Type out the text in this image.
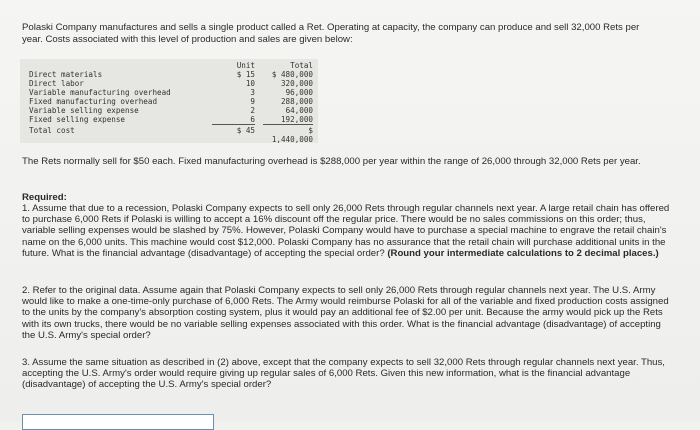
Polaski Company manufactures and sells a single product called a Ret. Operating at capacity, the company can produce and sell 32,000 Rets per year. Costs associated with this level of production and sales are given below:
Unit	Total
Direct materials	$ 15	$ 480,000
Direct labor	10	320,000
Variable manufacturing overhead	3	96,000
Fixed manufacturing overhead	9	288,000
Variable selling expense	2	64,000
Fixed selling expense	6	192,000
Total cost	$ 45	$ 1,440,000
The Rets normally sell for $50 each. Fixed manufacturing overhead is $288,000 per year within the range of 26,000 through 32,000 Rets per year.
Required:
1. Assume that due to a recession, Polaski Company expects to sell only 26,000 Rets through regular channels next year. A large retail chain has offered to purchase 6,000 Rets if Polaski is willing to accept a 16% discount off the regular price. There would be no sales commissions on this order; thus, variable selling expenses would be slashed by 75%. However, Polaski Company would have to purchase a special machine to engrave the retail chain's name on the 6,000 units. This machine would cost $12,000. Polaski Company has no assurance that the retail chain will purchase additional units in the future. What is the financial advantage (disadvantage) of accepting the special order? (Round your intermediate calculations to 2 decimal places.)
2. Refer to the original data. Assume again that Polaski Company expects to sell only 26,000 Rets through regular channels next year. The U.S. Army would like to make a one-time-only purchase of 6,000 Rets. The Army would reimburse Polaski for all of the variable and fixed production costs assigned to the units by the company's absorption costing system, plus it would pay an additional fee of $2.00 per unit. Because the army would pick up the Rets with its own trucks, there would be no variable selling expenses associated with this order. What is the financial advantage (disadvantage) of accepting the U.S. Army's special order?
3. Assume the same situation as described in (2) above, except that the company expects to sell 32,000 Rets through regular channels next year. Thus, accepting the U.S. Army's order would require giving up regular sales of 6,000 Rets. Given this new information, what is the financial advantage (disadvantage) of accepting the U.S. Army's special order?
